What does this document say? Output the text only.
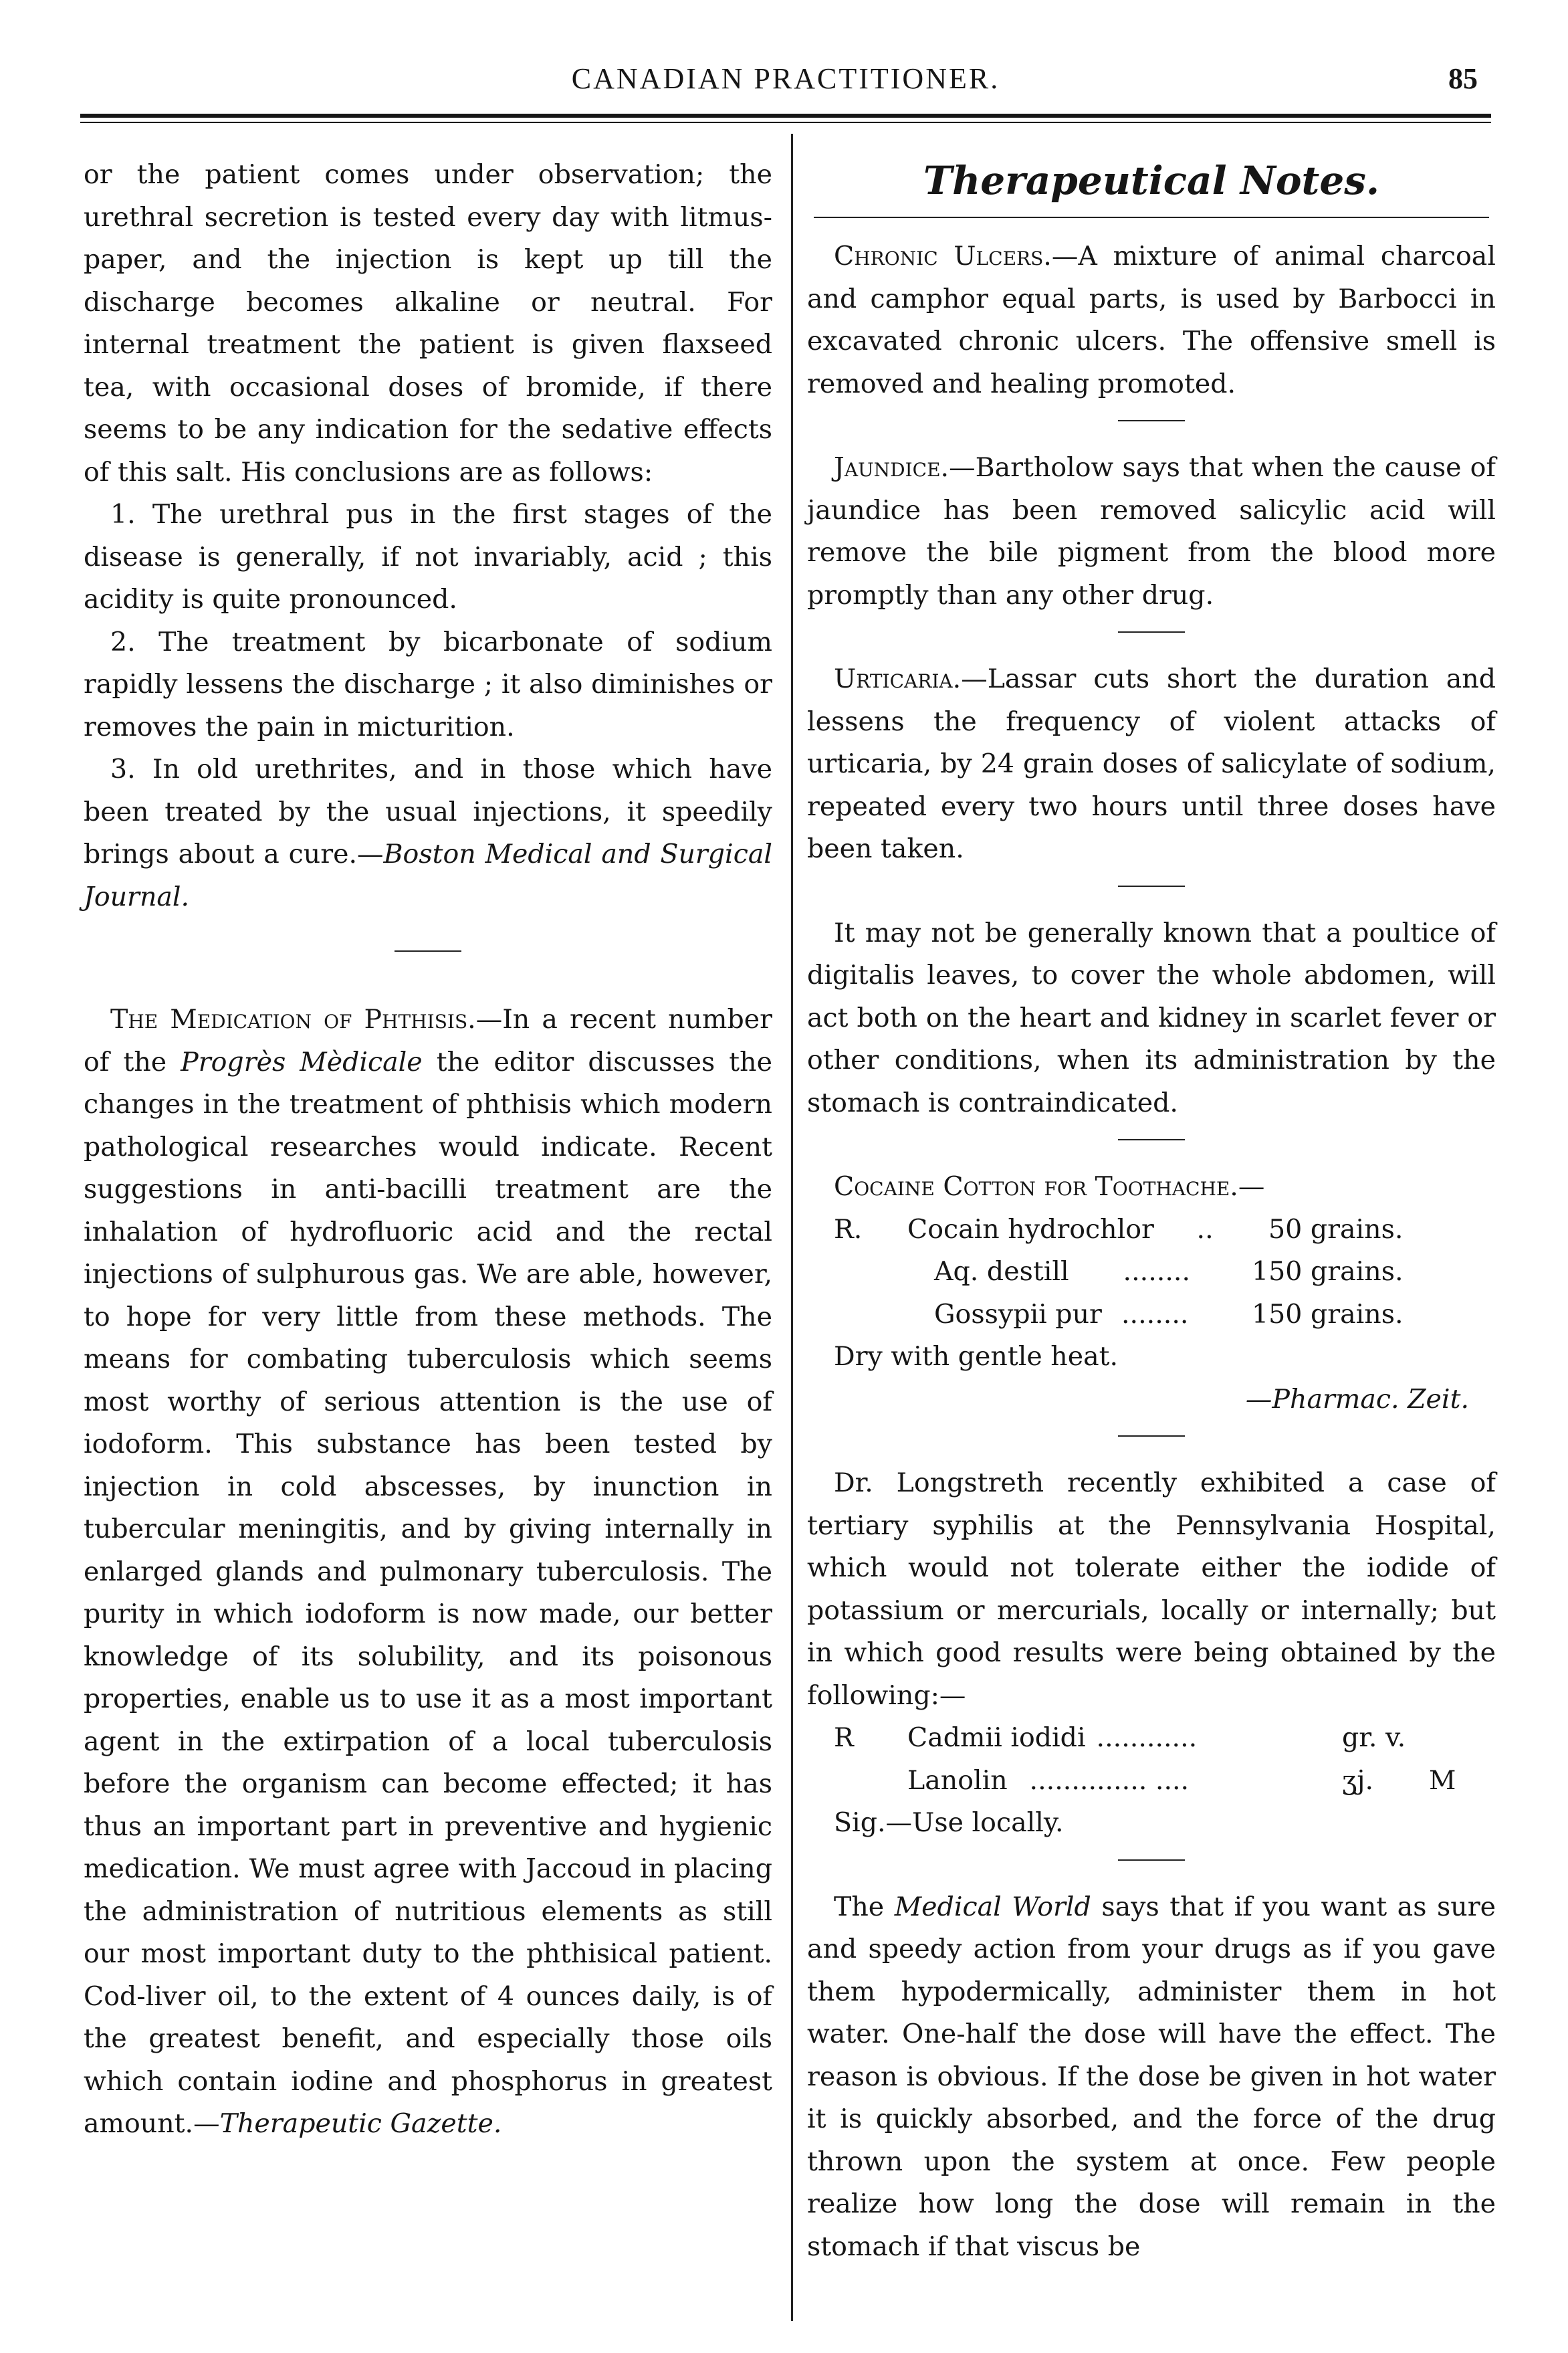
CANADIAN PRACTITIONER.	85

or the patient comes under observation; the urethral secretion is tested every day with litmus-paper, and the injection is kept up till the discharge becomes alkaline or neutral. For internal treatment the patient is given flaxseed tea, with occasional doses of bromide, if there seems to be any indication for the sedative effects of this salt. His conclusions are as follows:

1. The urethral pus in the first stages of the disease is generally, if not invariably, acid ; this acidity is quite pronounced.

2. The treatment by bicarbonate of sodium rapidly lessens the discharge ; it also diminishes or removes the pain in micturition.

3. In old urethrites, and in those which have been treated by the usual injections, it speedily brings about a cure.—Boston Medical and Surgical Journal.

The Medication of Phthisis.—In a recent number of the Progrès Mèdicale the editor discusses the changes in the treatment of phthisis which modern pathological researches would indicate. Recent suggestions in anti-bacilli treatment are the inhalation of hydrofluoric acid and the rectal injections of sulphurous gas. We are able, however, to hope for very little from these methods. The means for combating tuberculosis which seems most worthy of serious attention is the use of iodoform. This substance has been tested by injection in cold abscesses, by inunction in tubercular meningitis, and by giving internally in enlarged glands and pulmonary tuberculosis. The purity in which iodoform is now made, our better knowledge of its solubility, and its poisonous properties, enable us to use it as a most important agent in the extirpation of a local tuberculosis before the organism can become effected; it has thus an important part in preventive and hygienic medication. We must agree with Jaccoud in placing the administration of nutritious elements as still our most important duty to the phthisical patient. Cod-liver oil, to the extent of 4 ounces daily, is of the greatest benefit, and especially those oils which contain iodine and phosphorus in greatest amount.—Therapeutic Gazette.

Therapeutical Notes.

Chronic Ulcers.—A mixture of animal charcoal and camphor equal parts, is used by Barbocci in excavated chronic ulcers. The offensive smell is removed and healing promoted.

Jaundice.—Bartholow says that when the cause of jaundice has been removed salicylic acid will remove the bile pigment from the blood more promptly than any other drug.

Urticaria.—Lassar cuts short the duration and lessens the frequency of violent attacks of urticaria, by 24 grain doses of salicylate of sodium, repeated every two hours until three doses have been taken.

It may not be generally known that a poultice of digitalis leaves, to cover the whole abdomen, will act both on the heart and kidney in scarlet fever or other conditions, when its administration by the stomach is contraindicated.

Cocaine Cotton for Toothache.—

R. Cocain hydrochlor .. 50 grains.
Aq. destill ........ 150 grains.
Gossypii pur ........ 150 grains.

Dry with gentle heat.

—Pharmac. Zeit.

Dr. Longstreth recently exhibited a case of tertiary syphilis at the Pennsylvania Hospital, which would not tolerate either the iodide of potassium or mercurials, locally or internally; but in which good results were being obtained by the following:—

R Cadmii iodidi ............	gr. v.
Lanolin .............. ....	ʒj. M

Sig.—Use locally.

The Medical World says that if you want as sure and speedy action from your drugs as if you gave them hypodermically, administer them in hot water. One-half the dose will have the effect. The reason is obvious. If the dose be given in hot water it is quickly absorbed, and the force of the drug thrown upon the system at once. Few people realize how long the dose will remain in the stomach if that viscus be
